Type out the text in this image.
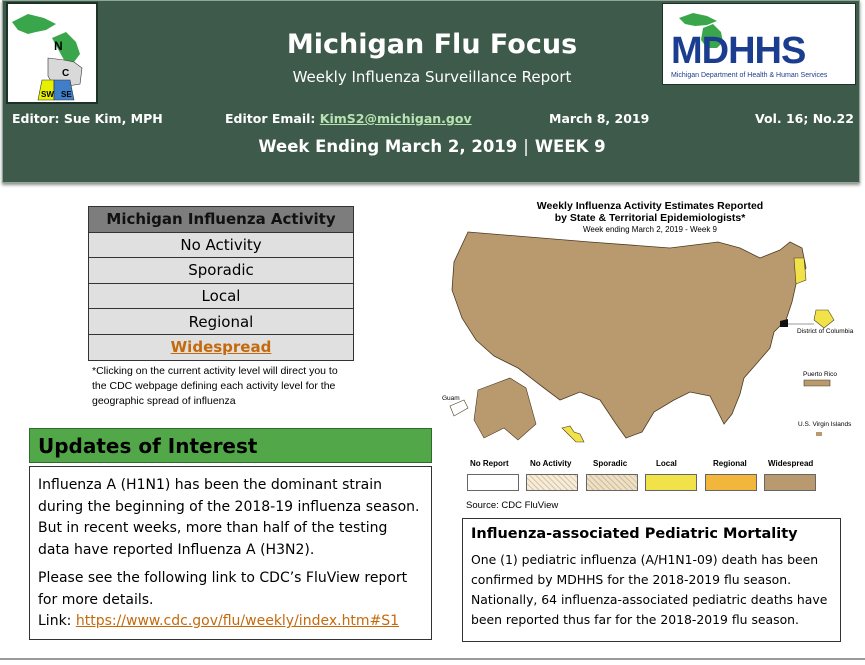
N
C
SW SE
Michigan Flu Focus
Weekly Influenza Surveillance Report
MDHHS
Michigan Department of Health & Human Services
Editor: Sue Kim, MPH	Editor Email: KimS2@michigan.gov	March 8, 2019	Vol. 16; No.22
Week Ending March 2, 2019 | WEEK 9
Michigan Influenza Activity
No Activity
Sporadic
Local
Regional
Widespread
*Clicking on the current activity level will direct you to the CDC webpage defining each activity level for the geographic spread of influenza
Updates of Interest

Influenza A (H1N1) has been the dominant strain during the beginning of the 2018-19 influenza season. But in recent weeks, more than half of the testing data have reported Influenza A (H3N2).

Please see the following link to CDC’s FluView report for more details.

Link: https://www.cdc.gov/flu/weekly/index.htm#S1
Weekly Influenza Activity Estimates Reported
by State & Territorial Epidemiologists*
Week ending March 2, 2019 - Week 9
District of Columbia
Puerto Rico
Guam
U.S. Virgin Islands
No Report	No Activity	Sporadic	Local	Regional	Widespread
Source: CDC FluView
Influenza-associated Pediatric Mortality
One (1) pediatric influenza (A/H1N1-09) death has been confirmed by MDHHS for the 2018-2019 flu season. Nationally, 64 influenza-associated pediatric deaths have been reported thus far for the 2018-2019 flu season.
